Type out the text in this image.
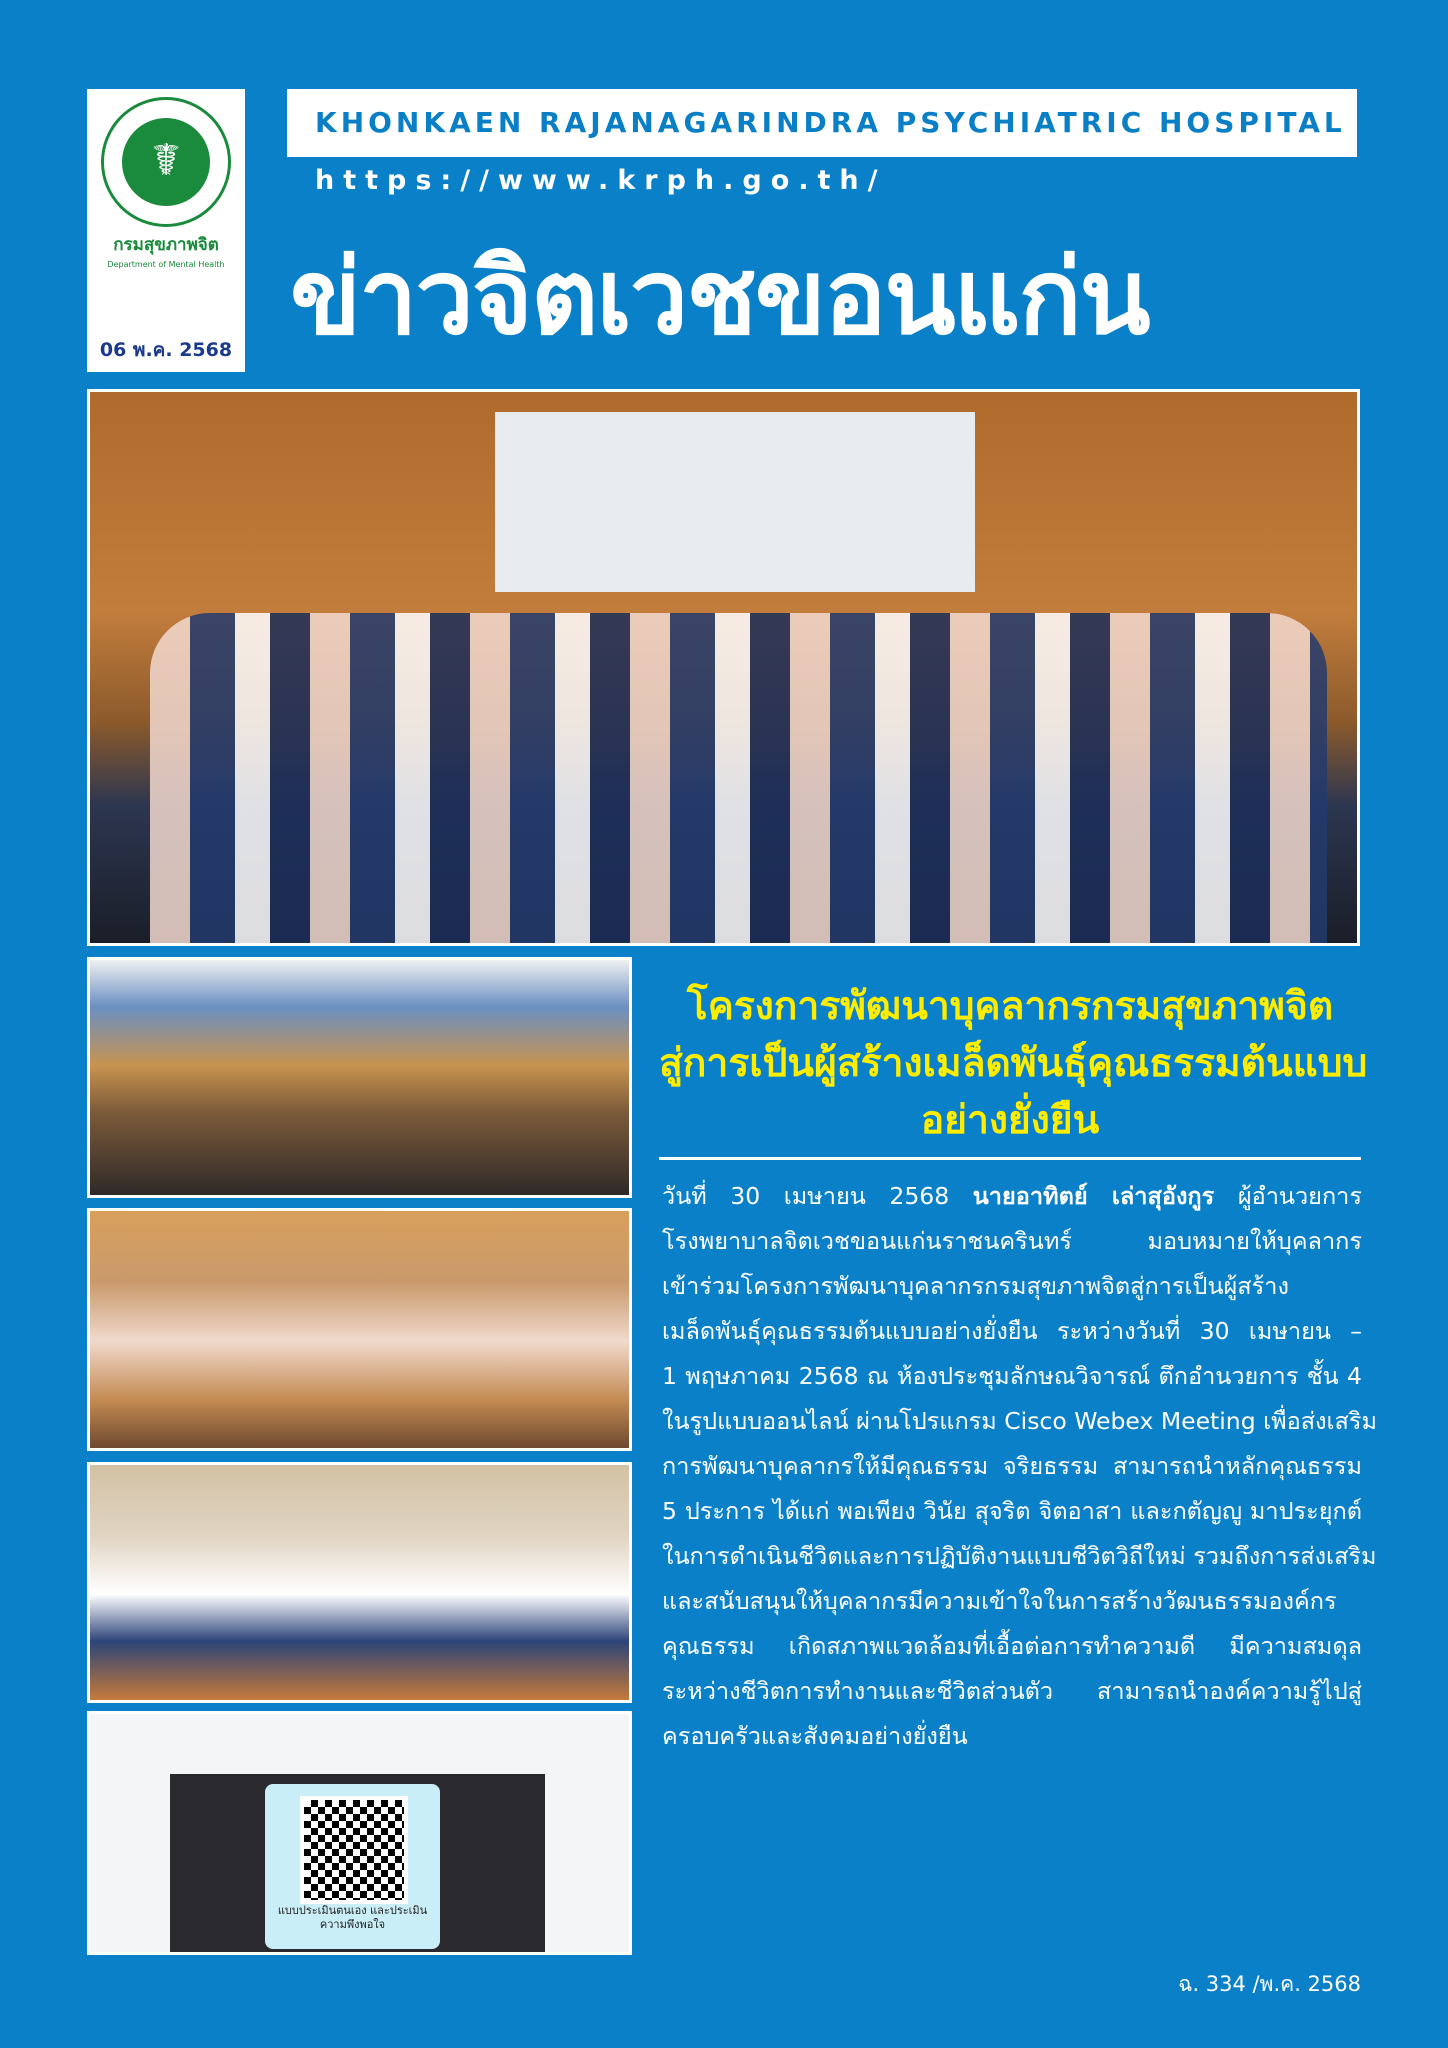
☤
กรมสุขภาพจิต
Department of Mental Health
06 พ.ค. 2568
KHONKAEN RAJANAGARINDRA PSYCHIATRIC HOSPITAL
https://www.krph.go.th/
ข่าวจิตเวชขอนแก่น
แบบประเมินตนเอง และประเมินความพึงพอใจ
โครงการพัฒนาบุคลากรกรมสุขภาพจิต
สู่การเป็นผู้สร้างเมล็ดพันธุ์คุณธรรมต้นแบบ
อย่างยั่งยืน
วันที่ 30 เมษายน 2568 นายอาทิตย์ เล่าสุอังกูร ผู้อำนวยการ
โรงพยาบาลจิตเวชขอนแก่นราชนครินทร์ มอบหมายให้บุคลากร
เข้าร่วมโครงการพัฒนาบุคลากรกรมสุขภาพจิตสู่การเป็นผู้สร้าง
เมล็ดพันธุ์คุณธรรมต้นแบบอย่างยั่งยืน ระหว่างวันที่ 30 เมษายน –
1 พฤษภาคม 2568 ณ ห้องประชุมลักษณวิจารณ์ ตึกอำนวยการ ชั้น 4
ในรูปแบบออนไลน์ ผ่านโปรแกรม Cisco Webex Meeting เพื่อส่งเสริม
การพัฒนาบุคลากรให้มีคุณธรรม จริยธรรม สามารถนำหลักคุณธรรม
5 ประการ ได้แก่ พอเพียง วินัย สุจริต จิตอาสา และกตัญญู มาประยุกต์
ในการดำเนินชีวิตและการปฏิบัติงานแบบชีวิตวิถีใหม่ รวมถึงการส่งเสริม
และสนับสนุนให้บุคลากรมีความเข้าใจในการสร้างวัฒนธรรมองค์กร
คุณธรรม เกิดสภาพแวดล้อมที่เอื้อต่อการทำความดี มีความสมดุล
ระหว่างชีวิตการทำงานและชีวิตส่วนตัว สามารถนำองค์ความรู้ไปสู่
ครอบครัวและสังคมอย่างยั่งยืน
ฉ. 334 /พ.ค. 2568
